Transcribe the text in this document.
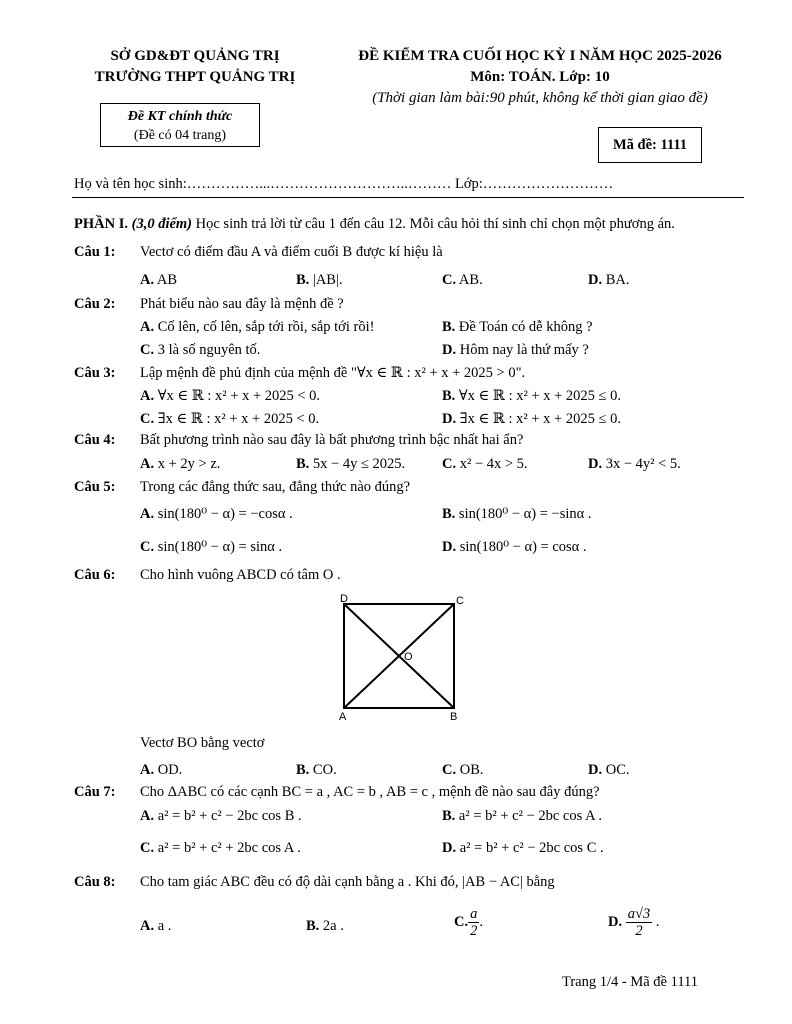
SỞ GD&ĐT QUẢNG TRỊ
TRƯỜNG THPT QUẢNG TRỊ
ĐỀ KIỂM TRA CUỐI HỌC KỲ I NĂM HỌC 2025-2026
Môn: TOÁN. Lớp: 10
(Thời gian làm bài:90 phút, không kể thời gian giao đề)
Đề KT chính thức
(Đề có 04 trang)
Mã đề: 1111
Họ và tên học sinh:……………...………………………..……… Lớp:………………………
PHẦN I. (3,0 điểm) Học sinh trả lời từ câu 1 đến câu 12. Mỗi câu hỏi thí sinh chỉ chọn một phương án.
Câu 1: Vectơ có điểm đầu A và điểm cuối B được kí hiệu là
A. AB	B. |AB|.	C. AB.	D. BA.
Câu 2: Phát biểu nào sau đây là mệnh đề ?
A. Cố lên, cố lên, sắp tới rồi, sắp tới rồi!	B. Đề Toán có dễ không ?
C. 3 là số nguyên tố.	D. Hôm nay là thứ mấy ?
Câu 3: Lập mệnh đề phủ định của mệnh đề "∀x ∈ ℝ : x² + x + 2025 > 0".
A. ∀x ∈ ℝ : x² + x + 2025 < 0.	B. ∀x ∈ ℝ : x² + x + 2025 ≤ 0.
C. ∃x ∈ ℝ : x² + x + 2025 < 0.	D. ∃x ∈ ℝ : x² + x + 2025 ≤ 0.
Câu 4: Bất phương trình nào sau đây là bất phương trình bậc nhất hai ẩn?
A. x + 2y > z.	B. 5x − 4y ≤ 2025.	C. x² − 4x > 5.	D. 3x − 4y² < 5.
Câu 5: Trong các đẳng thức sau, đẳng thức nào đúng?
A. sin(180⁰ − α) = −cosα .	B. sin(180⁰ − α) = −sinα .
C. sin(180⁰ − α) = sinα .	D. sin(180⁰ − α) = cosα .
Câu 6: Cho hình vuông ABCD có tâm O .
D	C
A	B
O
Vectơ BO bằng vectơ
A. OD.	B. CO.	C. OB.	D. OC.
Câu 7: Cho ΔABC có các cạnh BC = a , AC = b , AB = c , mệnh đề nào sau đây đúng?
A. a² = b² + c² − 2bc cos B .	B. a² = b² + c² − 2bc cos A .
C. a² = b² + c² + 2bc cos A .	D. a² = b² + c² − 2bc cos C .
Câu 8: Cho tam giác ABC đều có độ dài cạnh bằng a . Khi đó, |AB − AC| bằng
A. a .	B. 2a .	C. $\frac{a}{2}$ .	D. $\frac{a√3}{2}$ .
Trang 1/4 - Mã đề 1111
